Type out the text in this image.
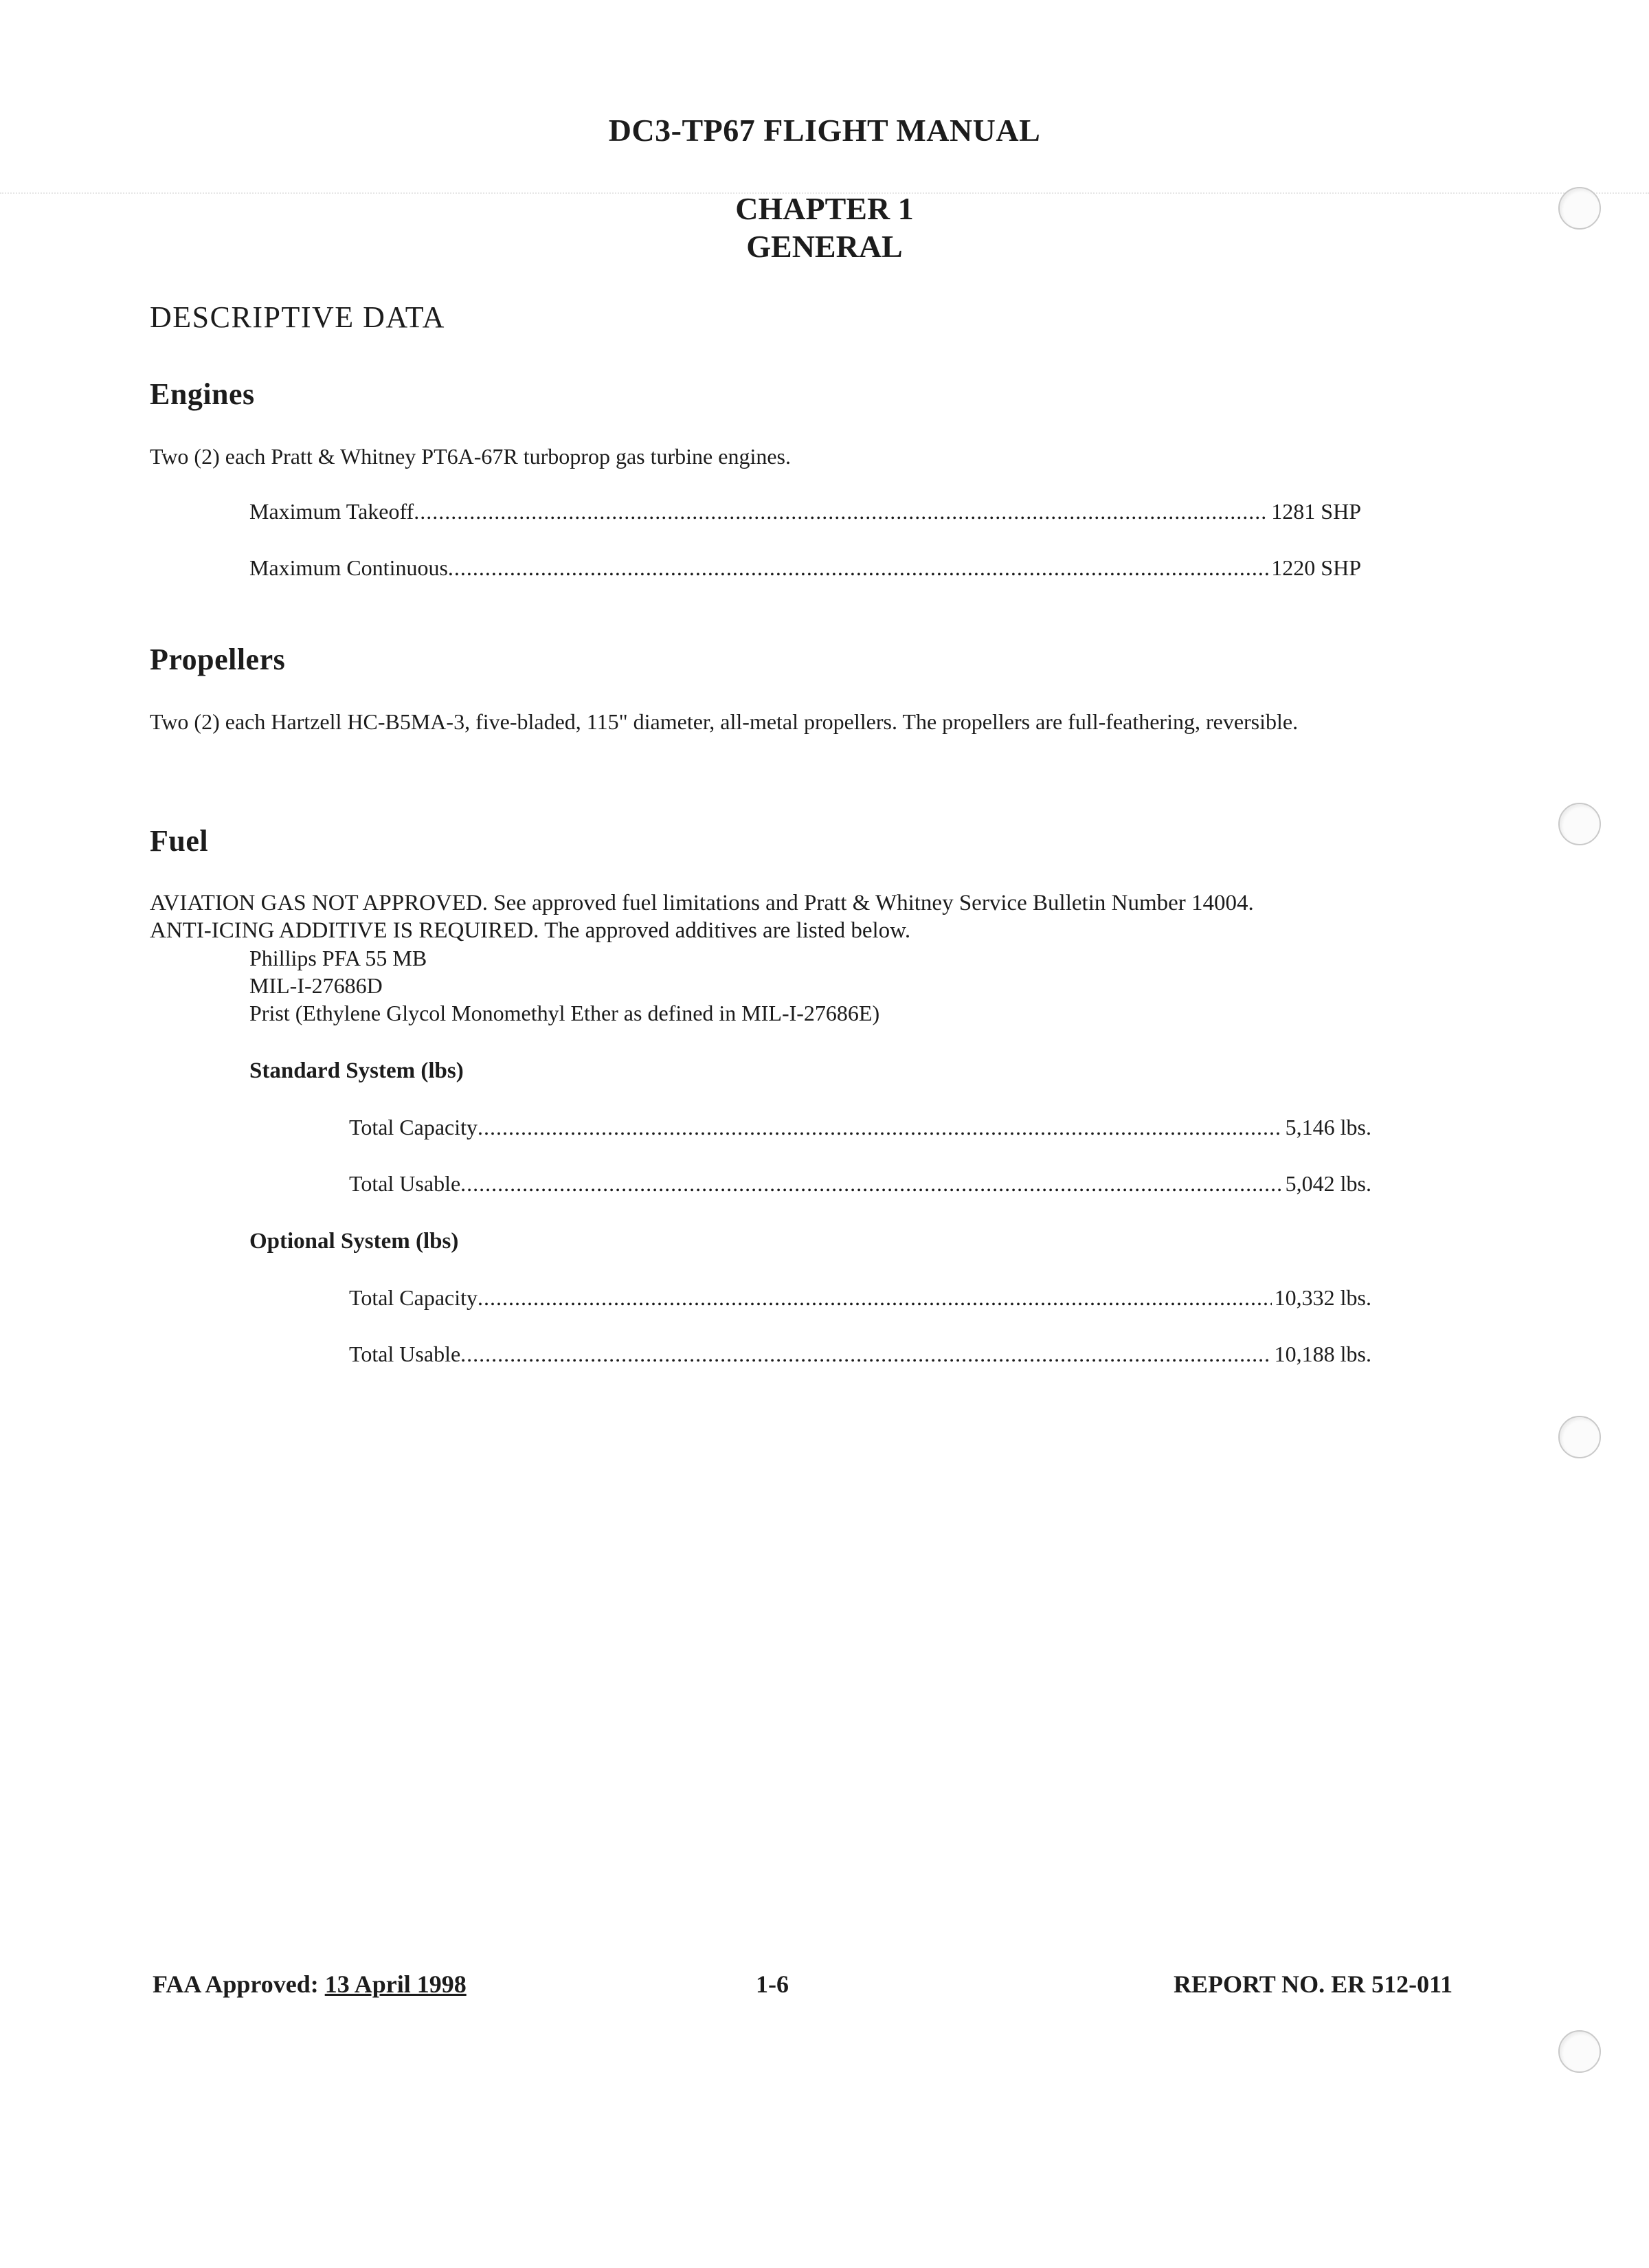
DC3-TP67 FLIGHT MANUAL
CHAPTER 1
GENERAL
DESCRIPTIVE DATA
Engines
Two (2) each Pratt & Whitney PT6A-67R turboprop gas turbine engines.
Maximum Takeoff .....	1281 SHP
Maximum Continuous .....	1220 SHP
Propellers
Two (2) each Hartzell HC-B5MA-3, five-bladed, 115" diameter, all-metal propellers. The propellers are full-feathering, reversible.
Fuel
AVIATION GAS NOT APPROVED. See approved fuel limitations and Pratt & Whitney Service Bulletin Number 14004.
ANTI-ICING ADDITIVE IS REQUIRED. The approved additives are listed below.
Phillips PFA 55 MB
MIL-I-27686D
Prist (Ethylene Glycol Monomethyl Ether as defined in MIL-I-27686E)
Standard System (lbs)
Total Capacity .....	5,146 lbs.
Total Usable .....	5,042 lbs.
Optional System (lbs)
Total Capacity .....	10,332 lbs.
Total Usable .....	10,188 lbs.
FAA Approved: 13 April 1998	1-6	REPORT NO. ER 512-011
